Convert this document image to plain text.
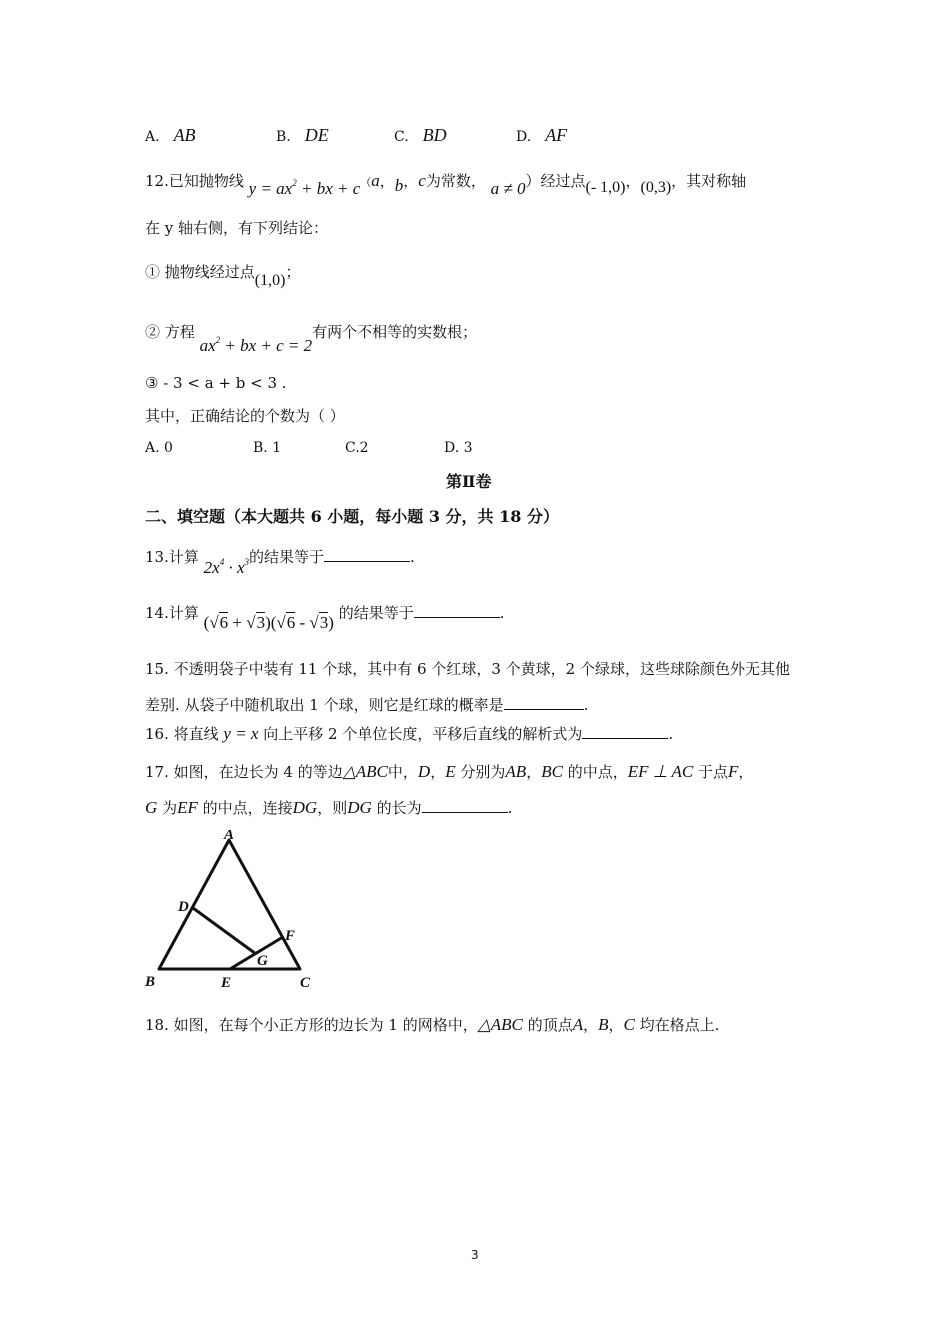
A. AB	B. DE	C. BD	D. AF
12.已知抛物线 $y = ax^2$ + bx + c（a，b，c为常数， a ≠ 0）经过点(- 1,0)，(0,3)，其对称轴
在 y 轴右侧，有下列结论：
① 抛物线经过点(1,0)；
② 方程 $ax^2$ + bx + c = 2有两个不相等的实数根；
③ - 3 < a + b < 3 .
其中，正确结论的个数为（ ）
A. 0	B. 1	C.2	D. 3
第Ⅱ卷
二、填空题（本大题共 6 小题，每小题 3 分，共 18 分）
13.计算 $2x^4 \cdot x^3$的结果等于	.
14.计算 (√6 + √3)(√6 - √3) 的结果等于	.
15. 不透明袋子中装有 11 个球，其中有 6 个红球，3 个黄球，2 个绿球，这些球除颜色外无其他
差别. 从袋子中随机取出 1 个球，则它是红球的概率是	.
16. 将直线 y = x 向上平移 2 个单位长度，平移后直线的解析式为	.
17. 如图，在边长为 4 的等边△ABC中，D，E 分别为AB，BC 的中点，EF ⊥ AC 于点F，
G 为EF 的中点，连接DG，则DG 的长为	.
A
D
F
G
B	E	C
18. 如图，在每个小正方形的边长为 1 的网格中，△ABC 的顶点A，B，C 均在格点上.
3
